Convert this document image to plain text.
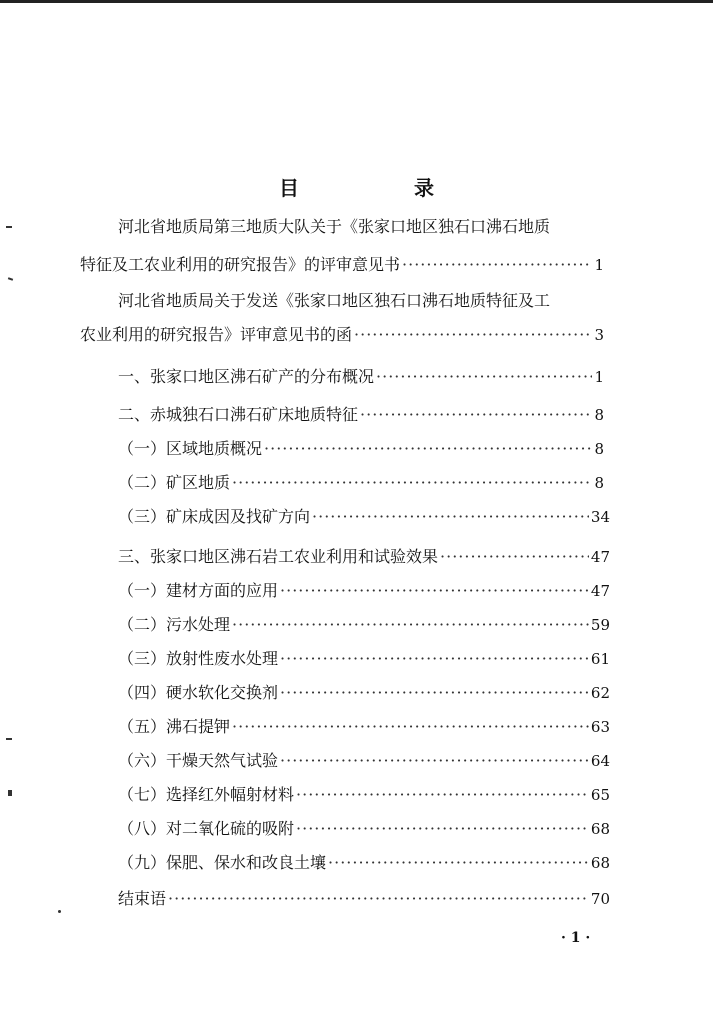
目 录
河北省地质局第三地质大队关于《张家口地区独石口沸石地质
特征及工农业利用的研究报告》的评审意见书 ·····	1
河北省地质局关于发送《张家口地区独石口沸石地质特征及工
农业利用的研究报告》评审意见书的函 ·····	3
一、张家口地区沸石矿产的分布概况 ·····	1
二、赤城独石口沸石矿床地质特征 ·····	8
（一）区域地质概况 ·····	8
（二）矿区地质 ·····	8
（三）矿床成因及找矿方向 ·····	34
三、张家口地区沸石岩工农业利用和试验效果 ·····	47
（一）建材方面的应用 ·····	47
（二）污水处理 ·····	59
（三）放射性废水处理 ·····	61
（四）硬水软化交换剂 ·····	62
（五）沸石提钾 ·····	63
（六）干燥天然气试验 ·····	64
（七）选择红外幅射材料 ·····	65
（八）对二氧化硫的吸附 ·····	68
（九）保肥、保水和改良土壤 ·····	68
结束语 ·····	70
· 1 ·
